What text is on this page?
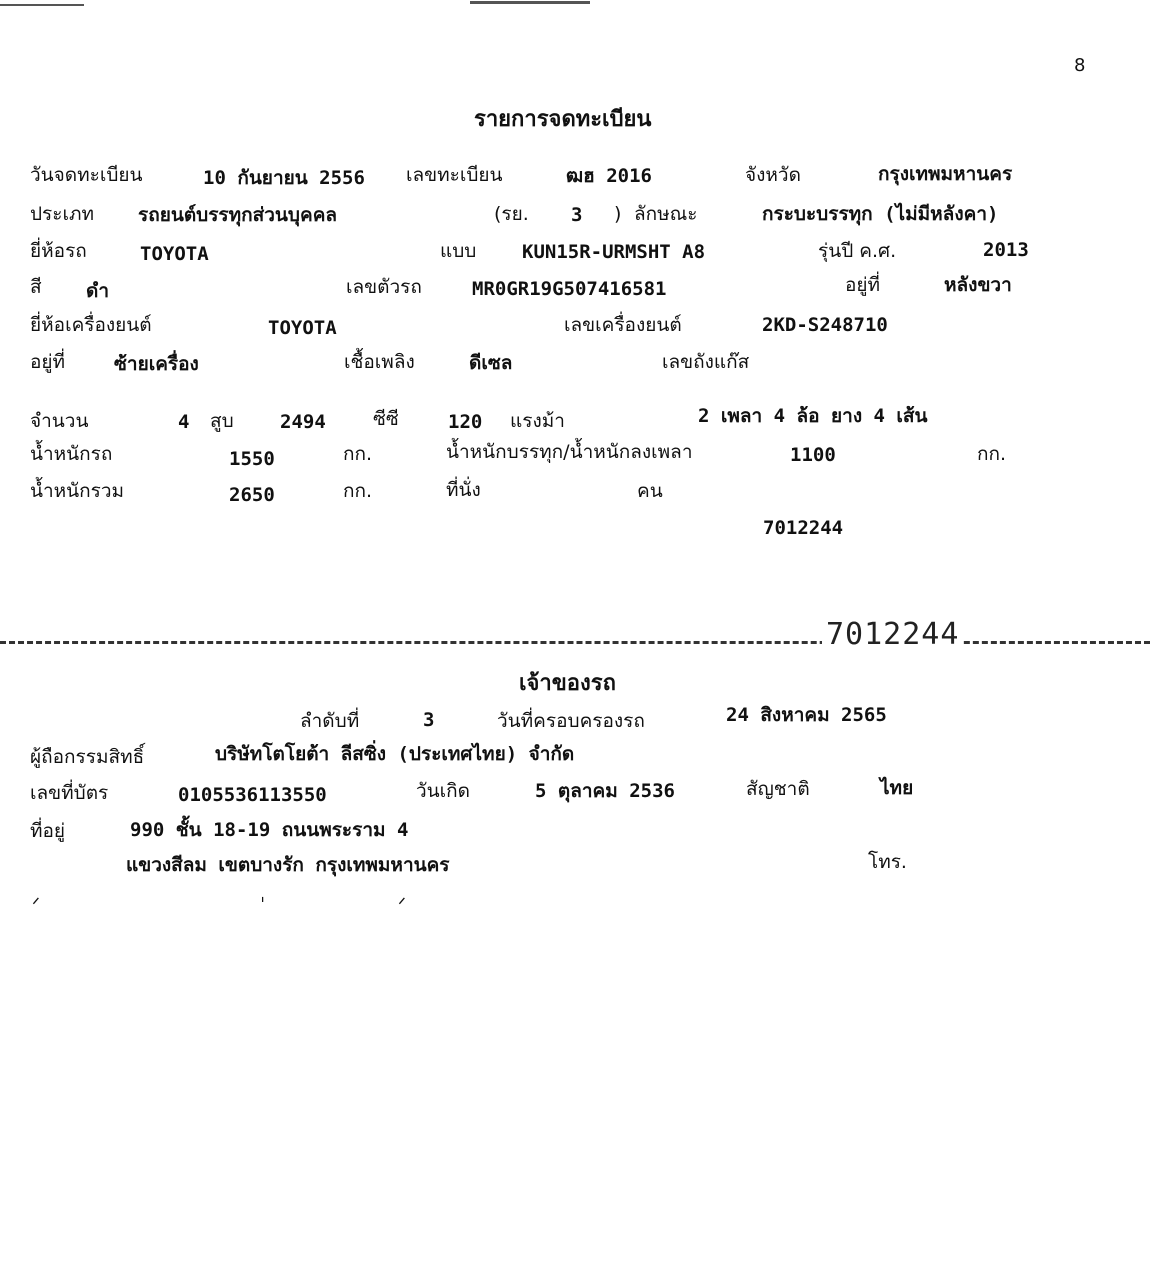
8
รายการจดทะเบียน
วันจดทะเบียน	10 กันยายน 2556 เลขทะเบียน	ฒฮ 2016	จังหวัด	กรุงเทพมหานคร
ประเภท รถยนต์บรรทุกส่วนบุคคล	(รย. 3 ) ลักษณะ	กระบะบรรทุก (ไม่มีหลังคา)
ยี่ห้อรถ	TOYOTA	แบบ KUN15R-URMSHT A8	รุ่นปี ค.ศ.	2013
สี ดำ	เลขตัวรถ	MR0GR19G507416581	อยู่ที่	หลังขวา
ยี่ห้อเครื่องยนต์	TOYOTA	เลขเครื่องยนต์	2KD-S248710
อยู่ที่	ซ้ายเครื่อง	เชื้อเพลิง	ดีเซล	เลขถังแก๊ส
จำนวน	4 สูบ 2494 ซีซี	120 แรงม้า	2 เพลา 4 ล้อ ยาง 4 เส้น
น้ำหนักรถ	1550	กก.	น้ำหนักบรรทุก/น้ำหนักลงเพลา	1100	กก.
น้ำหนักรวม	2650	กก.	ที่นั่ง	คน
7012244
7012244
เจ้าของรถ
ลำดับที่	3	วันที่ครอบครองรถ	24 สิงหาคม 2565
ผู้ถือกรรมสิทธิ์	บริษัทโตโยต้า ลีสซิ่ง (ประเทศไทย) จำกัด
เลขที่บัตร	0105536113550	วันเกิด	5 ตุลาคม 2536	สัญชาติ	ไทย
ที่อยู่	990 ชั้น 18-19 ถนนพระราม 4
แขวงสีลม เขตบางรัก กรุงเทพมหานคร	โทร.
ᐟ	ˈ	ᐟ
